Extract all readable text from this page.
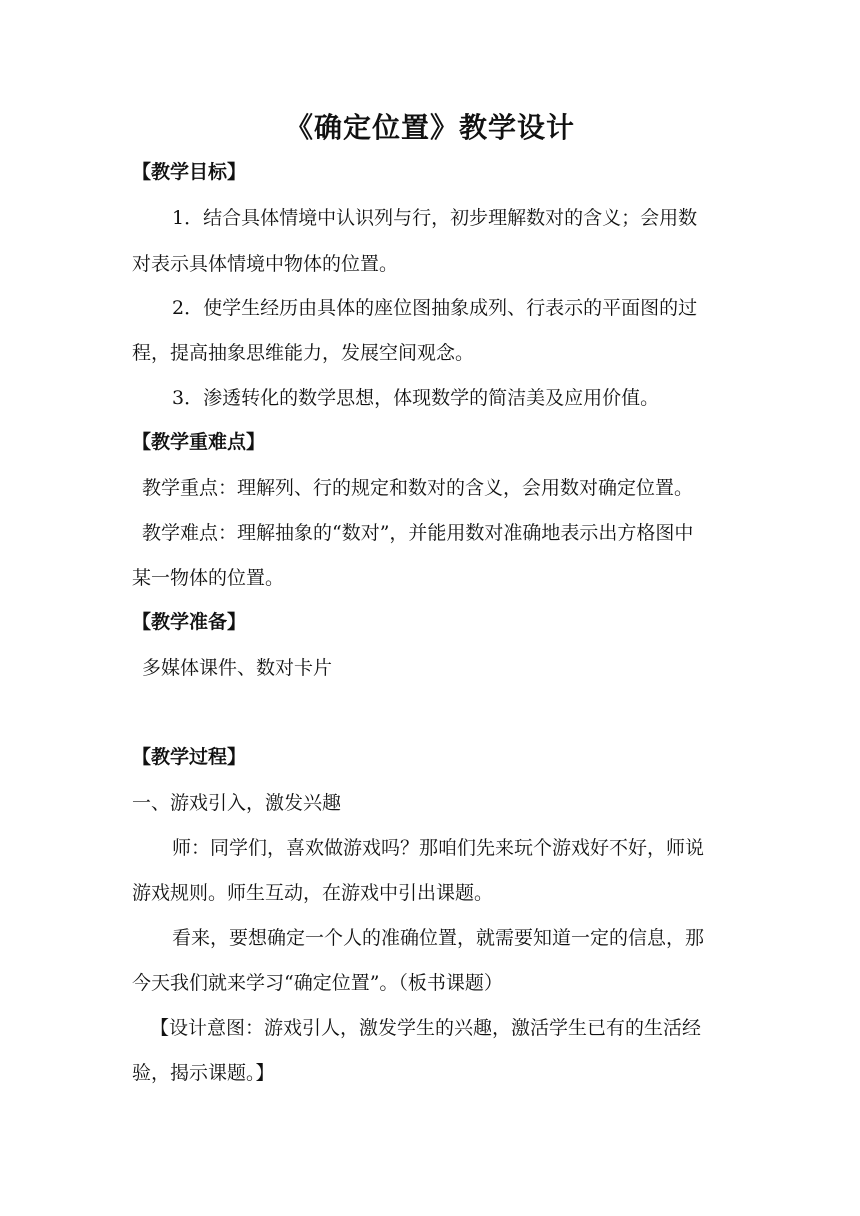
《确定位置》教学设计
【教学目标】
1．结合具体情境中认识列与行，初步理解数对的含义；会用数
对表示具体情境中物体的位置。
2．使学生经历由具体的座位图抽象成列、行表示的平面图的过
程，提高抽象思维能力，发展空间观念。
3．渗透转化的数学思想，体现数学的简洁美及应用价值。
【教学重难点】
教学重点：理解列、行的规定和数对的含义，会用数对确定位置。
教学难点：理解抽象的“数对”，并能用数对准确地表示出方格图中
某一物体的位置。
【教学准备】
多媒体课件、数对卡片
【教学过程】
一、游戏引入，激发兴趣
师：同学们，喜欢做游戏吗？那咱们先来玩个游戏好不好，师说
游戏规则。师生互动，在游戏中引出课题。
看来，要想确定一个人的准确位置，就需要知道一定的信息，那
今天我们就来学习“确定位置”。（板书课题）
【设计意图：游戏引人，激发学生的兴趣，激活学生已有的生活经
验，揭示课题。】
